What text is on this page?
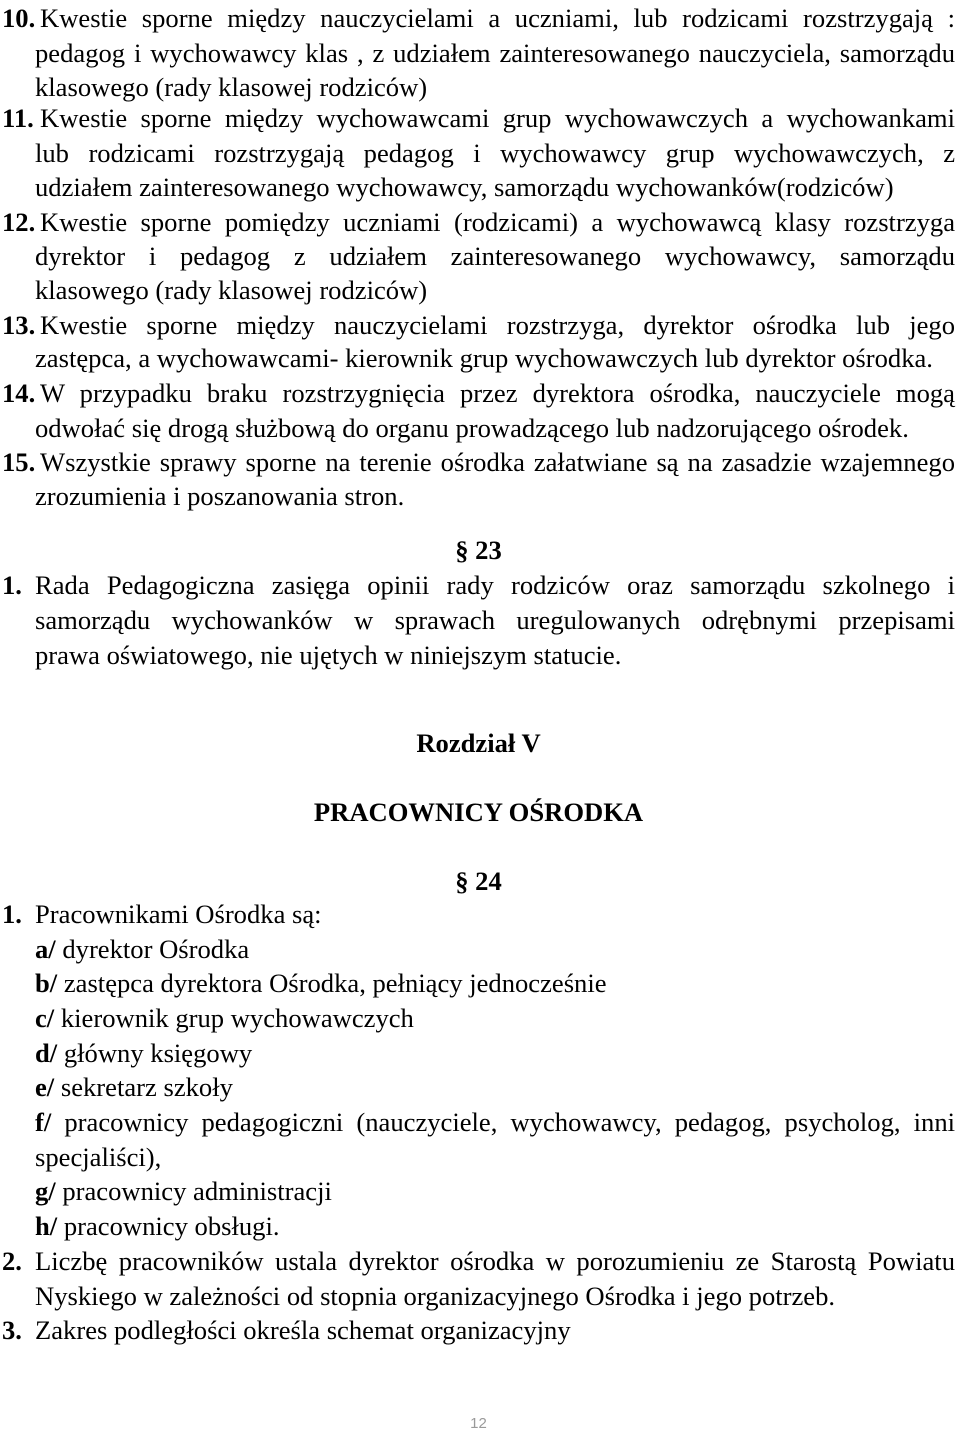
10. Kwestie sporne między nauczycielami a uczniami, lub rodzicami rozstrzygają :
pedagog i wychowawcy klas , z udziałem zainteresowanego nauczyciela, samorządu
klasowego (rady klasowej rodziców)
11. Kwestie sporne między wychowawcami grup wychowawczych a wychowankami
lub rodzicami rozstrzygają pedagog i wychowawcy grup wychowawczych, z
udziałem zainteresowanego wychowawcy, samorządu wychowanków(rodziców)
12. Kwestie sporne pomiędzy uczniami (rodzicami) a wychowawcą klasy rozstrzyga
dyrektor i pedagog z udziałem zainteresowanego wychowawcy, samorządu
klasowego (rady klasowej rodziców)
13. Kwestie sporne między nauczycielami rozstrzyga, dyrektor ośrodka lub jego
zastępca, a wychowawcami- kierownik grup wychowawczych lub dyrektor ośrodka.
14. W przypadku braku rozstrzygnięcia przez dyrektora ośrodka, nauczyciele mogą
odwołać się drogą służbową do organu prowadzącego lub nadzorującego ośrodek.
15. Wszystkie sprawy sporne na terenie ośrodka załatwiane są na zasadzie wzajemnego
zrozumienia i poszanowania stron.
§ 23
1. Rada Pedagogiczna zasięga opinii rady rodziców oraz samorządu szkolnego i
samorządu wychowanków w sprawach uregulowanych odrębnymi przepisami
prawa oświatowego, nie ujętych w niniejszym statucie.
Rozdział V
PRACOWNICY OŚRODKA
§ 24
1. Pracownikami Ośrodka są:
a/ dyrektor Ośrodka
b/ zastępca dyrektora Ośrodka, pełniący jednocześnie
c/ kierownik grup wychowawczych
d/ główny księgowy
e/ sekretarz szkoły
f/ pracownicy pedagogiczni (nauczyciele, wychowawcy, pedagog, psycholog, inni
specjaliści),
g/ pracownicy administracji
h/ pracownicy obsługi.
2. Liczbę pracowników ustala dyrektor ośrodka w porozumieniu ze Starostą Powiatu
Nyskiego w zależności od stopnia organizacyjnego Ośrodka i jego potrzeb.
3. Zakres podległości określa schemat organizacyjny
12
